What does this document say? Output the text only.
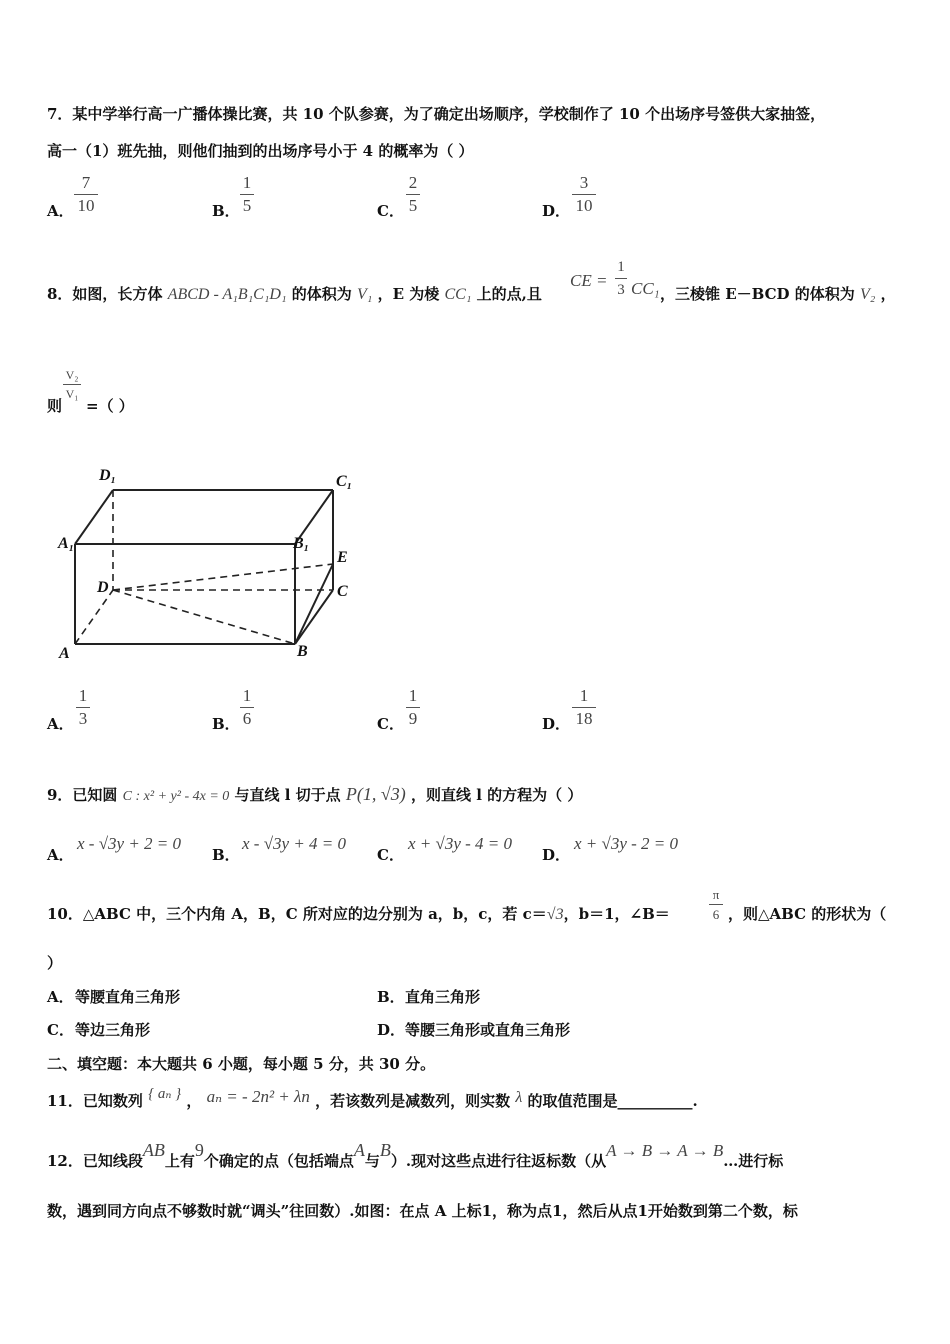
7．某中学举行高一广播体操比赛，共 10 个队参赛，为了确定出场顺序，学校制作了 10 个出场序号签供大家抽签，
高一（1）班先抽，则他们抽到的出场序号小于 4 的概率为（ ）
A．
7
10	B．
1
5	C．
2
5	D．
3
10
8．如图，长方体 ABCD - A₁B₁C₁D₁ 的体积为 V₁ ，E 为棱 CC₁ 上的点,且
CE =
1
3 CC₁ ，三棱锥 E－BCD 的体积为 V₂ ，
则
V₂
V₁
=（ ）
D₁	C₁
A₁	B₁
E
D	C
A	B
A．
1
3	B．
1
6	C．
1
9	D．
1
18
9．已知圆 C : x² + y² - 4x = 0 与直线 l 切于点 P(1, √3) ，则直线 l 的方程为（ ）
A．
x - √3y + 2 = 0
B．
x - √3y + 4 = 0
C．
x + √3y - 4 = 0
D．
x + √3y - 2 = 0
10．△ABC 中，三个内角 A，B，C 所对应的边分别为 a，b，c，若 c＝√3，b＝1，∠B＝
π
6 ，则△ABC 的形状为（
）
A． 等腰直角三角形	B． 直角三角形
C． 等边三角形	D． 等腰三角形或直角三角形
二、填空题：本大题共 6 小题，每小题 5 分，共 30 分。
11．已知数列 { aₙ } ， aₙ = - 2n² + λn ，若该数列是减数列，则实数 λ 的取值范围是__________.
12．已知线段AB上有9个确定的点（包括端点A与B）.现对这些点进行往返标数（从A → B → A → B…进行标
数，遇到同方向点不够数时就“调头”往回数）.如图：在点 A 上标1，称为点1，然后从点1开始数到第二个数，标
